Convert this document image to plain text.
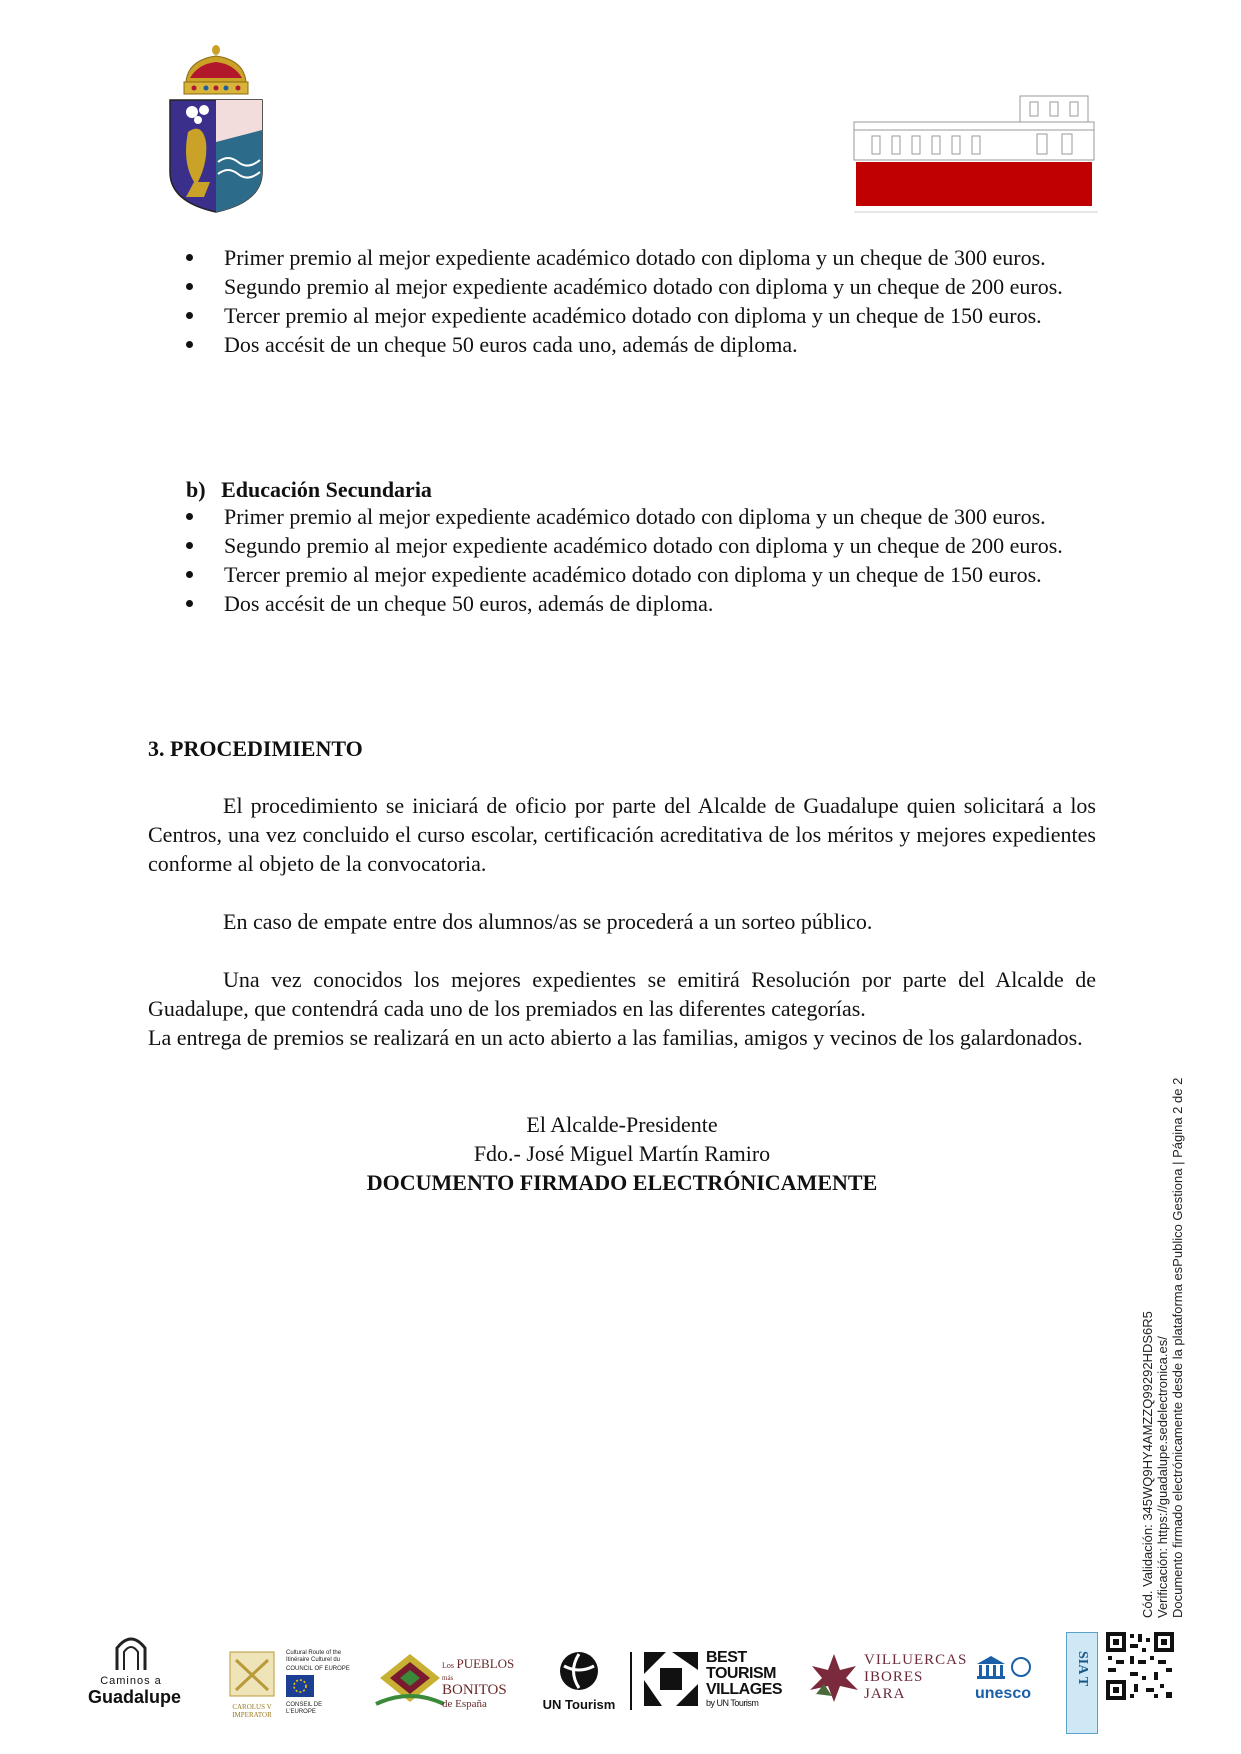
Primer premio al mejor expediente académico dotado con diploma y un cheque de 300 euros.
Segundo premio al mejor expediente académico dotado con diploma y un cheque de 200 euros.
Tercer premio al mejor expediente académico dotado con diploma y un cheque de 150 euros.
Dos accésit de un cheque 50 euros cada uno, además de diploma.
b) Educación Secundaria
Primer premio al mejor expediente académico dotado con diploma y un cheque de 300 euros.
Segundo premio al mejor expediente académico dotado con diploma y un cheque de 200 euros.
Tercer premio al mejor expediente académico dotado con diploma y un cheque de 150 euros.
Dos accésit de un cheque 50 euros, además de diploma.
3. PROCEDIMIENTO
El procedimiento se iniciará de oficio por parte del Alcalde de Guadalupe quien solicitará a los Centros, una vez concluido el curso escolar, certificación acreditativa de los méritos y mejores expedientes conforme al objeto de la convocatoria.
En caso de empate entre dos alumnos/as se procederá a un sorteo público.
Una vez conocidos los mejores expedientes se emitirá Resolución por parte del Alcalde de Guadalupe, que contendrá cada uno de los premiados en las diferentes categorías.
La entrega de premios se realizará en un acto abierto a las familias, amigos y vecinos de los galardonados.
El Alcalde-Presidente
Fdo.- José Miguel Martín Ramiro
DOCUMENTO FIRMADO ELECTRÓNICAMENTE
Cód. Validación: 345WQ9HY4AMZZQ99292HDS6R5 Verificación: https://guadalupe.sedelectronica.es/ Documento firmado electrónicamente desde la plataforma esPublico Gestiona | Página 2 de 2
Caminos a
Guadalupe	CAROLUS V IMPERATOR
Cultural Route of the Itinéraire Culturel du
COUNCIL OF EUROPE
CONSEIL DE L'EUROPE
Los PUEBLOS más
BONITOS
de España	UN Tourism
BEST
TOURISM
VILLAGES
by UN Tourism
VILLUERCAS
IBORES
JARA	unesco
SIA T
